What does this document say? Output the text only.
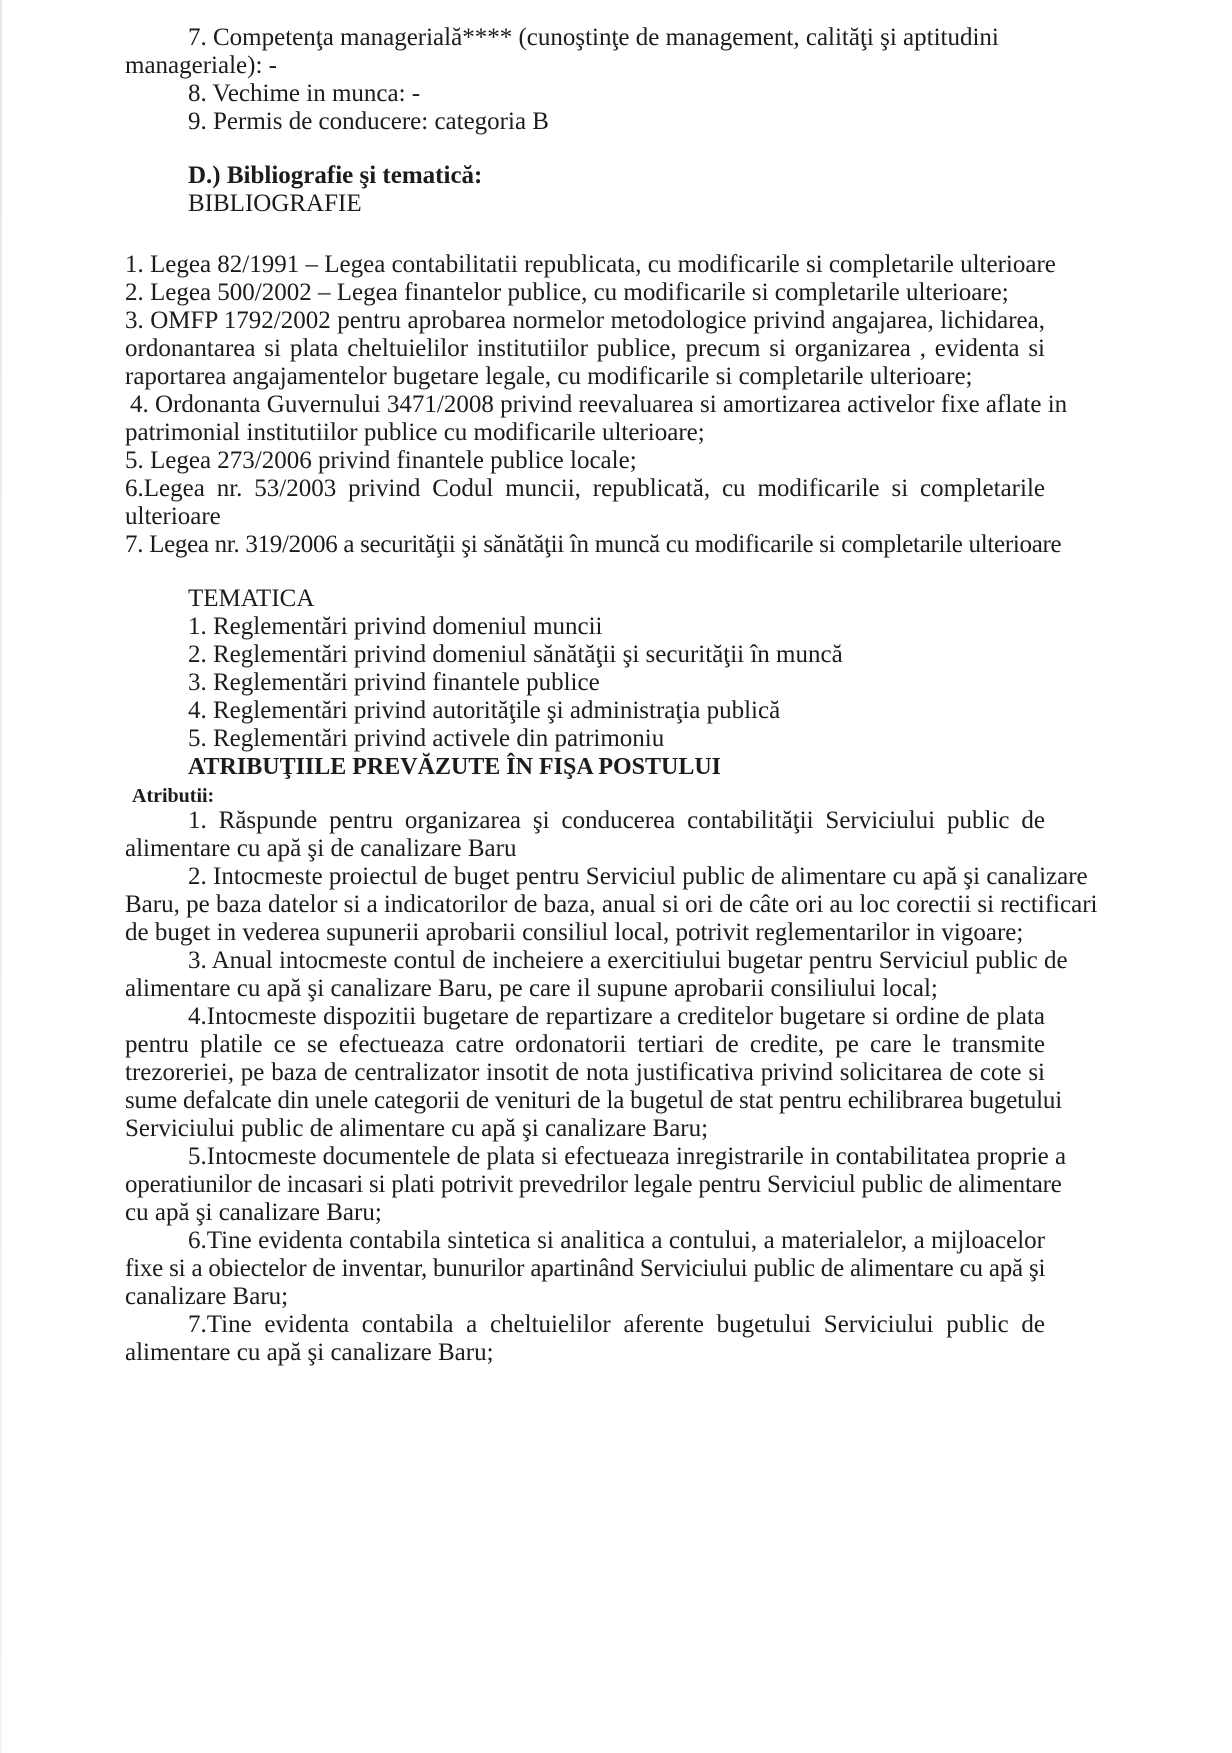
7. Competenţa managerială**** (cunoştinţe de management, calităţi şi aptitudini

manageriale): -

8. Vechime in munca: -

9. Permis de conducere: categoria B

D.) Bibliografie şi tematică:

BIBLIOGRAFIE

1. Legea 82/1991 – Legea contabilitatii republicata, cu modificarile si completarile ulterioare

2. Legea 500/2002 – Legea finantelor publice, cu modificarile si completarile ulterioare;

3. OMFP 1792/2002 pentru aprobarea normelor metodologice privind angajarea, lichidarea,

ordonantarea si plata cheltuielilor institutiilor publice, precum si organizarea , evidenta si

raportarea angajamentelor bugetare legale, cu modificarile si completarile ulterioare;

4. Ordonanta Guvernului 3471/2008 privind reevaluarea si amortizarea activelor fixe aflate in

patrimonial institutiilor publice cu modificarile ulterioare;

5. Legea 273/2006 privind finantele publice locale;

6.Legea nr. 53/2003 privind Codul muncii, republicată, cu modificarile si completarile

ulterioare

7. Legea nr. 319/2006 a securităţii şi sănătăţii în muncă cu modificarile si completarile ulterioare

TEMATICA

1. Reglementări privind domeniul muncii

2. Reglementări privind domeniul sănătăţii şi securităţii în muncă

3. Reglementări privind finantele publice

4. Reglementări privind autorităţile şi administraţia publică

5. Reglementări privind activele din patrimoniu

ATRIBUŢIILE PREVĂZUTE ÎN FIŞA POSTULUI

Atributii:

1. Răspunde pentru organizarea şi conducerea contabilităţii Serviciului public de

alimentare cu apă şi de canalizare Baru

2. Intocmeste proiectul de buget pentru Serviciul public de alimentare cu apă şi canalizare

Baru, pe baza datelor si a indicatorilor de baza, anual si ori de câte ori au loc corectii si rectificari

de buget in vederea supunerii aprobarii consiliul local, potrivit reglementarilor in vigoare;

3. Anual intocmeste contul de incheiere a exercitiului bugetar pentru Serviciul public de

alimentare cu apă şi canalizare Baru, pe care il supune aprobarii consiliului local;

4.Intocmeste dispozitii bugetare de repartizare a creditelor bugetare si ordine de plata

pentru platile ce se efectueaza catre ordonatorii tertiari de credite, pe care le transmite

trezoreriei, pe baza de centralizator insotit de nota justificativa privind solicitarea de cote si

sume defalcate din unele categorii de venituri de la bugetul de stat pentru echilibrarea bugetului

Serviciului public de alimentare cu apă şi canalizare Baru;

5.Intocmeste documentele de plata si efectueaza inregistrarile in contabilitatea proprie a

operatiunilor de incasari si plati potrivit prevedrilor legale pentru Serviciul public de alimentare

cu apă şi canalizare Baru;

6.Tine evidenta contabila sintetica si analitica a contului, a materialelor, a mijloacelor

fixe si a obiectelor de inventar, bunurilor apartinând Serviciului public de alimentare cu apă şi

canalizare Baru;

7.Tine evidenta contabila a cheltuielilor aferente bugetului Serviciului public de

alimentare cu apă şi canalizare Baru;
